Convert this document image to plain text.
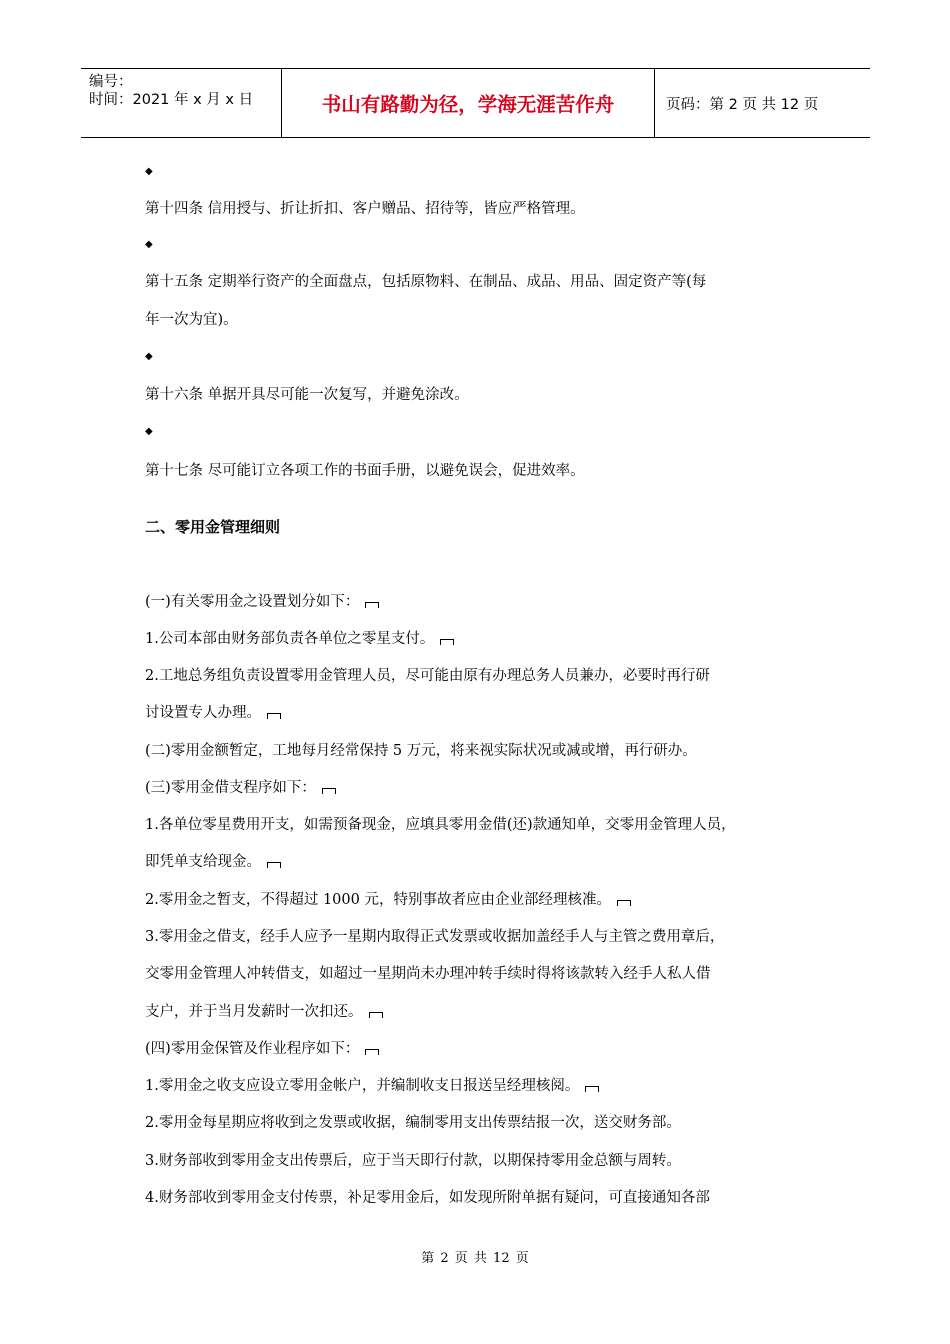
编号：
时间：2021 年 x 月 x 日	书山有路勤为径，学海无涯苦作舟	页码：第 2 页 共 12 页
◆
第十四条 信用授与、折让折扣、客户赠品、招待等，皆应严格管理。
◆
第十五条 定期举行资产的全面盘点，包括原物料、在制品、成品、用品、固定资产等(每
年一次为宜)。
◆
第十六条 单据开具尽可能一次复写，并避免涂改。
◆
第十七条 尽可能订立各项工作的书面手册，以避免误会，促进效率。
二、零用金管理细则
(一)有关零用金之设置划分如下：
1.公司本部由财务部负责各单位之零星支付。
2.工地总务组负责设置零用金管理人员，尽可能由原有办理总务人员兼办，必要时再行研
讨设置专人办理。
(二)零用金额暂定，工地每月经常保持 5 万元，将来视实际状况或减或增，再行研办。
(三)零用金借支程序如下：
1.各单位零星费用开支，如需预备现金，应填具零用金借(还)款通知单，交零用金管理人员，
即凭单支给现金。
2.零用金之暂支，不得超过 1000 元，特别事故者应由企业部经理核准。
3.零用金之借支，经手人应予一星期内取得正式发票或收据加盖经手人与主管之费用章后，
交零用金管理人冲转借支，如超过一星期尚未办理冲转手续时得将该款转入经手人私人借
支户，并于当月发薪时一次扣还。
(四)零用金保管及作业程序如下：
1.零用金之收支应设立零用金帐户，并编制收支日报送呈经理核阅。
2.零用金每星期应将收到之发票或收据，编制零用支出传票结报一次，送交财务部。
3.财务部收到零用金支出传票后，应于当天即行付款，以期保持零用金总额与周转。
4.财务部收到零用金支付传票，补足零用金后，如发现所附单据有疑问，可直接通知各部
第 2 页 共 12 页
